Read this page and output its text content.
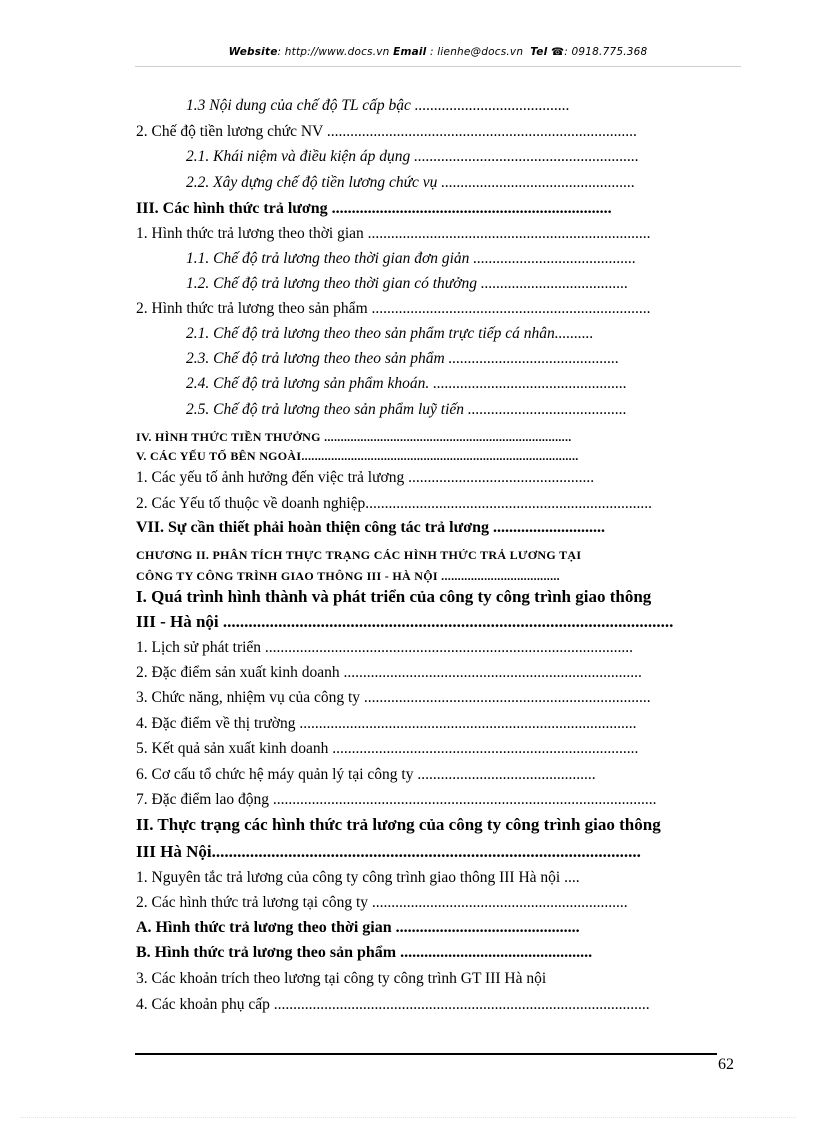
Website: http://www.docs.vn Email : lienhe@docs.vn Tel ☎: 0918.775.368
1.3 Nội dung của chế độ TL cấp bậc ........................................
2. Chế độ tiền lương chức NV ................................................................................
2.1. Khái niệm và điều kiện áp dụng ..........................................................
2.2. Xây dựng chế độ tiền lương chức vụ ..................................................
III. Các hình thức trả lương ......................................................................
1. Hình thức trả lương theo thời gian .........................................................................
1.1. Chế độ trả lương theo thời gian đơn giản ..........................................
1.2. Chế độ trả lương theo thời gian có thưởng ......................................
2. Hình thức trả lương theo sản phẩm ........................................................................
2.1. Chế độ trả lương theo theo sản phẩm trực tiếp cá nhân..........
2.3. Chế độ trả lương theo theo sản phẩm ............................................
2.4. Chế độ trả lương sản phẩm khoán. ..................................................
2.5. Chế độ trả lương theo sản phẩm luỹ tiến .........................................
IV. HÌNH THỨC TIỀN THƯỞNG ...........................................................................
V. CÁC YẾU TỐ BÊN NGOÀI....................................................................................
1. Các yếu tố ảnh hưởng đến việc trả lương ................................................
2. Các Yếu tố thuộc về doanh nghiệp..........................................................................
VII. Sự cần thiết phải hoàn thiện công tác trả lương ............................
CHƯƠNG II. PHÂN TÍCH THỰC TRẠNG CÁC HÌNH THỨC TRẢ LƯƠNG TẠI
CÔNG TY CÔNG TRÌNH GIAO THÔNG III - HÀ NỘI ....................................
I. Quá trình hình thành và phát triển của công ty công trình giao thông
III - Hà nội ..........................................................................................................
1. Lịch sử phát triển ...............................................................................................
2. Đặc điểm sản xuất kinh doanh .............................................................................
3. Chức năng, nhiệm vụ của công ty ..........................................................................
4. Đặc điểm về thị trường .......................................................................................
5. Kết quả sản xuất kinh doanh ...............................................................................
6. Cơ cấu tổ chức hệ máy quản lý tại công ty ..............................................
7. Đặc điểm lao động ...................................................................................................
II. Thực trạng các hình thức trả lương của công ty công trình giao thông
III Hà Nội.....................................................................................................
1. Nguyên tắc trả lương của công ty công trình giao thông III Hà nội ....
2. Các hình thức trả lương tại công ty ..................................................................
A. Hình thức trả lương theo thời gian ..............................................
B. Hình thức trả lương theo sản phẩm ................................................
3. Các khoản trích theo lương tại công ty công trình GT III Hà nội
4. Các khoản phụ cấp .................................................................................................
62
